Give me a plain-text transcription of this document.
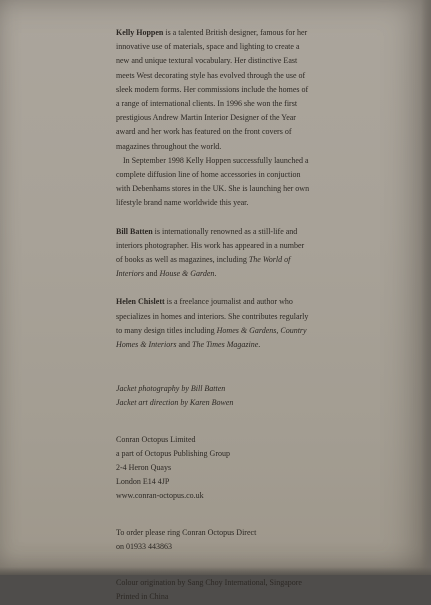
Kelly Hoppen is a talented British designer, famous for her innovative use of materials, space and lighting to create a new and unique textural vocabulary. Her distinctive East meets West decorating style has evolved through the use of sleek modern forms. Her commissions include the homes of a range of international clients. In 1996 she won the first prestigious Andrew Martin Interior Designer of the Year award and her work has featured on the front covers of magazines throughout the world.

In September 1998 Kelly Hoppen successfully launched a complete diffusion line of home accessories in conjuction with Debenhams stores in the UK. She is launching her own lifestyle brand name worldwide this year.

Bill Batten is internationally renowned as a still-life and interiors photographer. His work has appeared in a number of books as well as magazines, including The World of Interiors and House & Garden.

Helen Chislett is a freelance journalist and author who specializes in homes and interiors. She contributes regularly to many design titles including Homes & Gardens, Country Homes & Interiors and The Times Magazine.

Jacket photography by Bill Batten

Jacket art direction by Karen Bowen

Conran Octopus Limited

a part of Octopus Publishing Group

2-4 Heron Quays

London E14 4JP

www.conran-octopus.co.uk

To order please ring Conran Octopus Direct

on 01933 443863

Colour origination by Sang Choy International, Singapore

Printed in China
